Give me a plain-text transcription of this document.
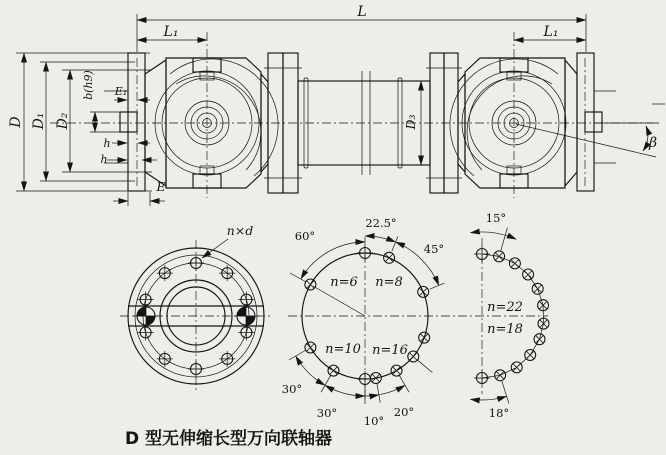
L
L₁	L₁
D D₁ D₂
b(h9) E₁
h
h
E
D₃
β
n×d
n=6 n=8
n=10 n=16
60°
22.5°
45°
30°
30°
10°
20°
15°
18°
n=22
n=18
D 型无伸缩长型万向联轴器
